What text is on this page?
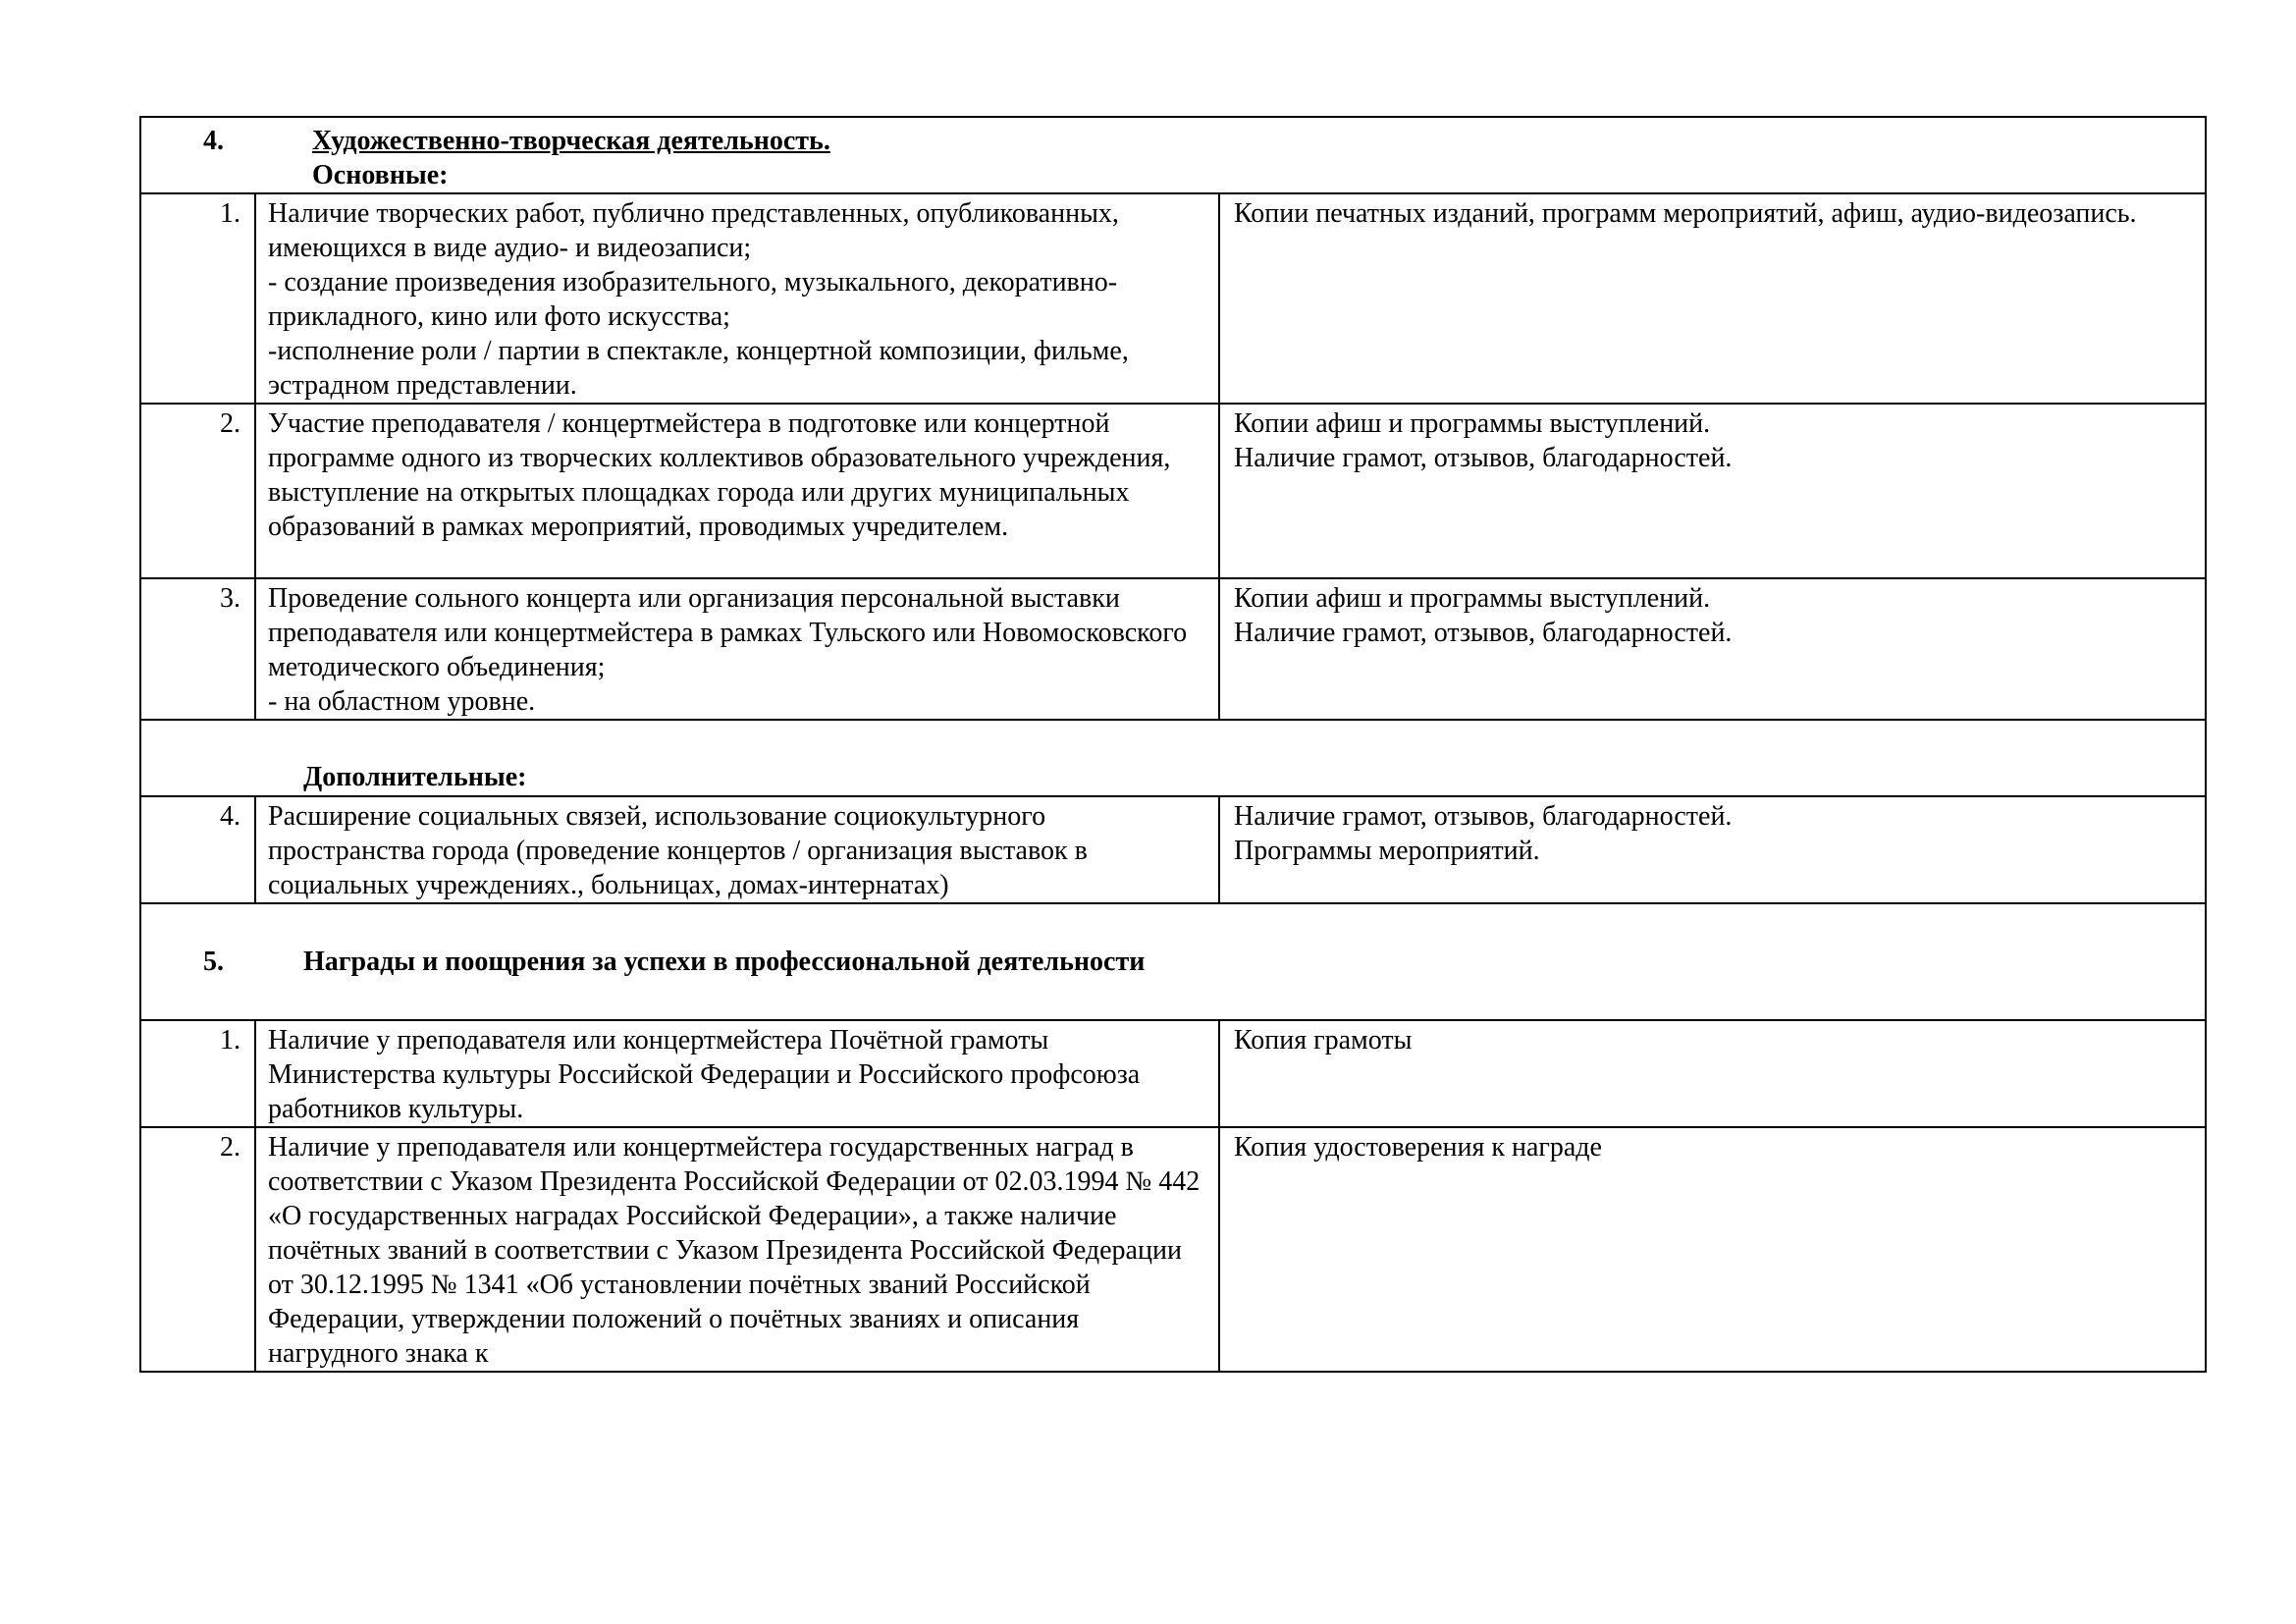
4. Художественно-творческая деятельность.
Основные:		

1.	Наличие творческих работ, публично представленных, опубликованных, имеющихся в виде аудио- и видеозаписи;
- создание произведения изобразительного, музыкального, декоративно-прикладного, кино или фото искусства;
-исполнение роли / партии в спектакле, концертной композиции, фильме, эстрадном представлении.	Копии печатных изданий, программ мероприятий, афиш, аудио-видеозапись.
2.	Участие преподавателя / концертмейстера в подготовке или концертной программе одного из творческих коллективов образовательного учреждения, выступление на открытых площадках города или других муниципальных образований в рамках мероприятий, проводимых учредителем.	Копии афиш и программы выступлений.
Наличие грамот, отзывов, благодарностей.
3.	Проведение сольного концерта или организация персональной выставки преподавателя или концертмейстера в рамках Тульского или Новомосковского методического объединения;
- на областном уровне.	Копии афиш и программы выступлений.
Наличие грамот, отзывов, благодарностей.

Дополнительные:		

4.	Расширение социальных связей, использование социокультурного пространства города (проведение концертов / организация выставок в социальных учреждениях., больницах, домах-интернатах)	Наличие грамот, отзывов, благодарностей.
Программы мероприятий.

5. Награды и поощрения за успехи в профессиональной деятельности		

1.	Наличие у преподавателя или концертмейстера Почётной грамоты Министерства культуры Российской Федерации и Российского профсоюза работников культуры.	Копия грамоты
2.	Наличие у преподавателя или концертмейстера государственных наград в соответствии с Указом Президента Российской Федерации от 02.03.1994 № 442 «О государственных наградах Российской Федерации», а также наличие почётных званий в соответствии с Указом Президента Российской Федерации от 30.12.1995 № 1341 «Об установлении почётных званий Российской Федерации, утверждении положений о почётных званиях и описания нагрудного знака к	Копия удостоверения к награде
